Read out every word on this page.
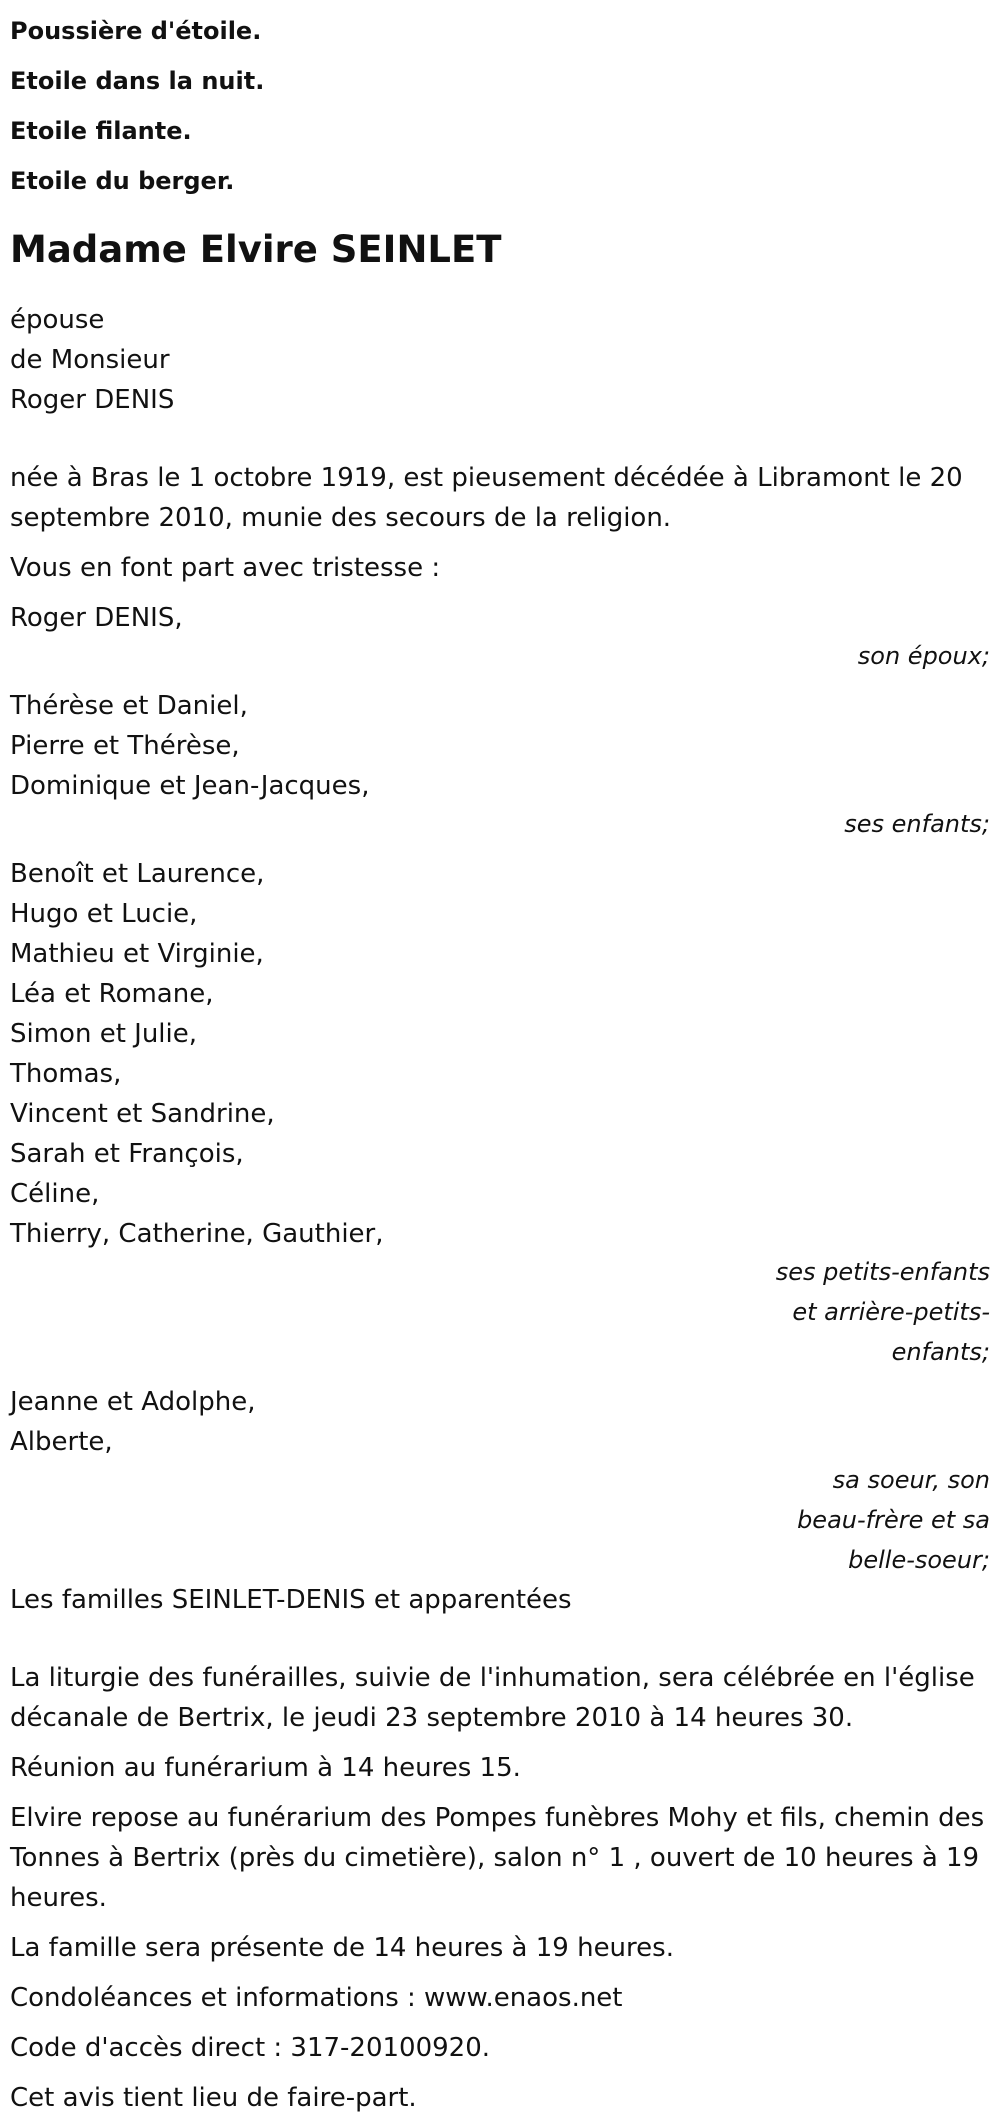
Poussière d'étoile.

Etoile dans la nuit.

Etoile filante.

Etoile du berger.

Madame Elvire SEINLET

épouse

de Monsieur

Roger DENIS

née à Bras le 1 octobre 1919, est pieusement décédée à Libramont le 20 septembre 2010, munie des secours de la religion.

Vous en font part avec tristesse :

Roger DENIS,

son époux;

Thérèse et Daniel,

Pierre et Thérèse,

Dominique et Jean-Jacques,

ses enfants;

Benoît et Laurence,

Hugo et Lucie,

Mathieu et Virginie,

Léa et Romane,

Simon et Julie,

Thomas,

Vincent et Sandrine,

Sarah et François,

Céline,

Thierry, Catherine, Gauthier,

ses petits-enfants
et arrière-petits-
enfants;

Jeanne et Adolphe,

Alberte,

sa soeur, son
beau-frère et sa
belle-soeur;

Les familles SEINLET-DENIS et apparentées

La liturgie des funérailles, suivie de l'inhumation, sera célébrée en l'église décanale de Bertrix, le jeudi 23 septembre 2010 à 14 heures 30.

Réunion au funérarium à 14 heures 15.

Elvire repose au funérarium des Pompes funèbres Mohy et fils, chemin des Tonnes à Bertrix (près du cimetière), salon n° 1 , ouvert de 10 heures à 19 heures.

La famille sera présente de 14 heures à 19 heures.

Condoléances et informations : www.enaos.net

Code d'accès direct : 317-20100920.

Cet avis tient lieu de faire-part.
